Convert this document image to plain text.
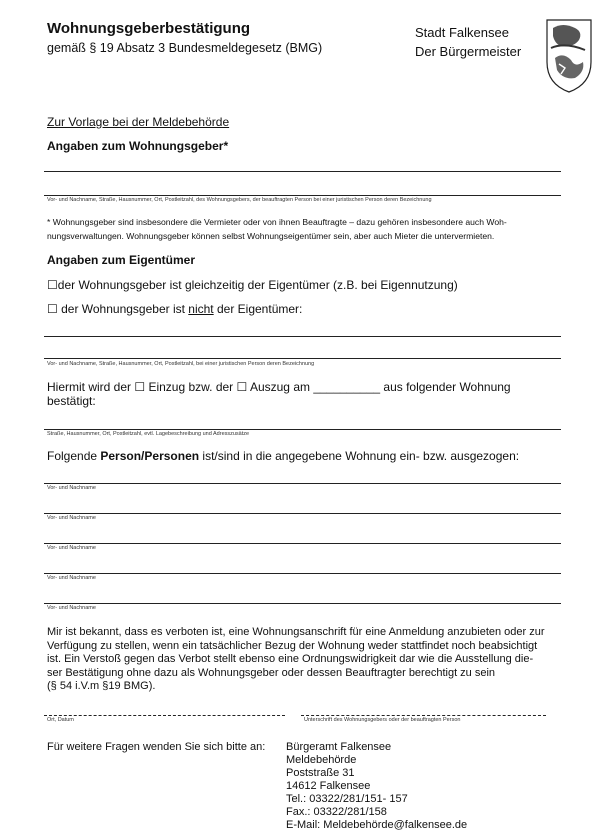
Wohnungsgeberbestätigung
gemäß § 19 Absatz 3 Bundesmeldegesetz (BMG)
Stadt Falkensee
Der Bürgermeister
Zur Vorlage bei der Meldebehörde
Angaben zum Wohnungsgeber*
Vor- und Nachname, Straße, Hausnummer, Ort, Postleitzahl, des Wohnungsgebers, der beauftragten Person bei einer juristischen Person deren Bezeichnung
* Wohnungsgeber sind insbesondere die Vermieter oder von ihnen Beauftragte – dazu gehören insbesondere auch Woh-
nungsverwaltungen. Wohnungsgeber können selbst Wohnungseigentümer sein, aber auch Mieter die untervermieten.
Angaben zum Eigentümer
☐der Wohnungsgeber ist gleichzeitig der Eigentümer (z.B. bei Eigennutzung)
☐ der Wohnungsgeber ist nicht der Eigentümer:
Vor- und Nachname, Straße, Hausnummer, Ort, Postleitzahl, bei einer juristischen Person deren Bezeichnung
Hiermit wird der ☐ Einzug bzw. der ☐ Auszug am __________ aus folgender Wohnung
bestätigt:
Straße, Hausnummer, Ort, Postleitzahl, evtl. Lagebeschreibung und Adresszusätze
Folgende Person/Personen ist/sind in die angegebene Wohnung ein- bzw. ausgezogen:
Vor- und Nachname
Vor- und Nachname
Vor- und Nachname
Vor- und Nachname
Vor- und Nachname
Mir ist bekannt, dass es verboten ist, eine Wohnungsanschrift für eine Anmeldung anzubieten oder zur
Verfügung zu stellen, wenn ein tatsächlicher Bezug der Wohnung weder stattfindet noch beabsichtigt
ist. Ein Verstoß gegen das Verbot stellt ebenso eine Ordnungswidrigkeit dar wie die Ausstellung die-
ser Bestätigung ohne dazu als Wohnungsgeber oder dessen Beauftragter berechtigt zu sein
(§ 54 i.V.m §19 BMG).
Ort, Datum	Unterschrift des Wohnungsgebers oder der beauftragten Person
Für weitere Fragen wenden Sie sich bitte an: Bürgeramt Falkensee
Meldebehörde
Poststraße 31
14612 Falkensee
Tel.: 03322/281/151- 157
Fax.: 03322/281/158
E-Mail: Meldebehörde@falkensee.de
